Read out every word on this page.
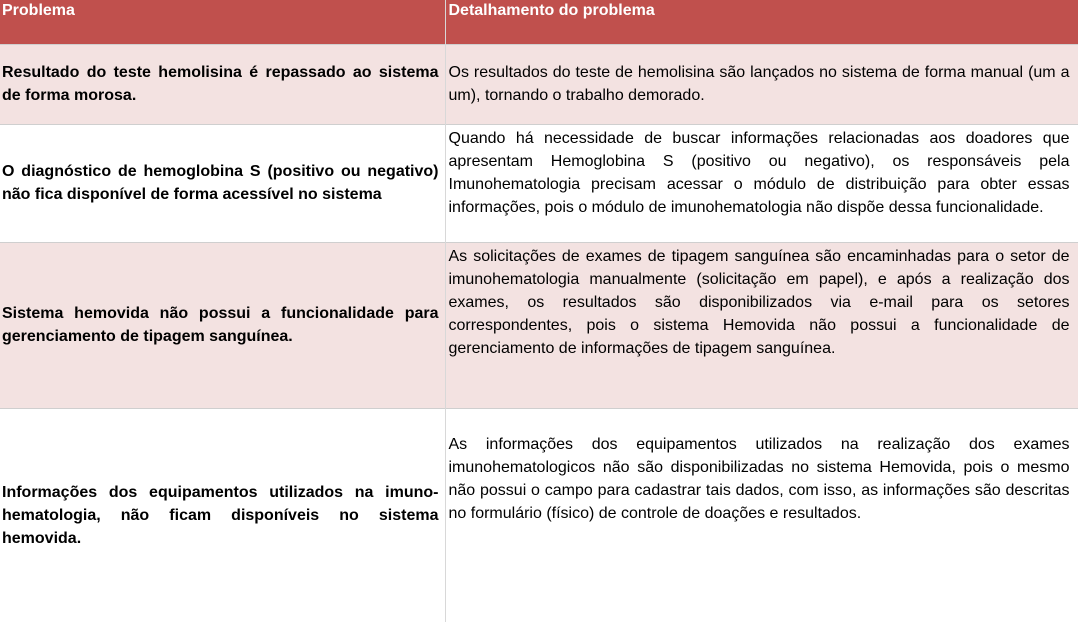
Problema	Detalhamento do problema
Resultado do teste hemolisina é repassado ao sistema de forma morosa.	Os resultados do teste de hemolisina são lançados no sistema de forma manual (um a um), tornando o trabalho demorado.
O diagnóstico de hemoglobina S (positivo ou negativo) não fica disponível de forma acessível no sistema	Quando há necessidade de buscar informações relacionadas aos doadores que apresentam Hemoglobina S (positivo ou negativo), os responsáveis pela Imunohematologia precisam acessar o módulo de distribuição para obter essas informações, pois o módulo de imunohematologia não dispõe dessa funcionalidade.
Sistema hemovida não possui a funcionalidade para gerenciamento de tipagem sanguínea.	As solicitações de exames de tipagem sanguínea são encaminhadas para o setor de imunohematologia manualmente (solicitação em papel), e após a realização dos exames, os resultados são disponibilizados via e-mail para os setores correspondentes, pois o sistema Hemovida não possui a funcionalidade de gerenciamento de informações de tipagem sanguínea.
Informações dos equipamentos utilizados na imuno-hematologia, não ficam disponíveis no sistema hemovida.	As informações dos equipamentos utilizados na realização dos exames imunohematologicos não são disponibilizadas no sistema Hemovida, pois o mesmo não possui o campo para cadastrar tais dados, com isso, as informações são descritas no formulário (físico) de controle de doações e resultados.
